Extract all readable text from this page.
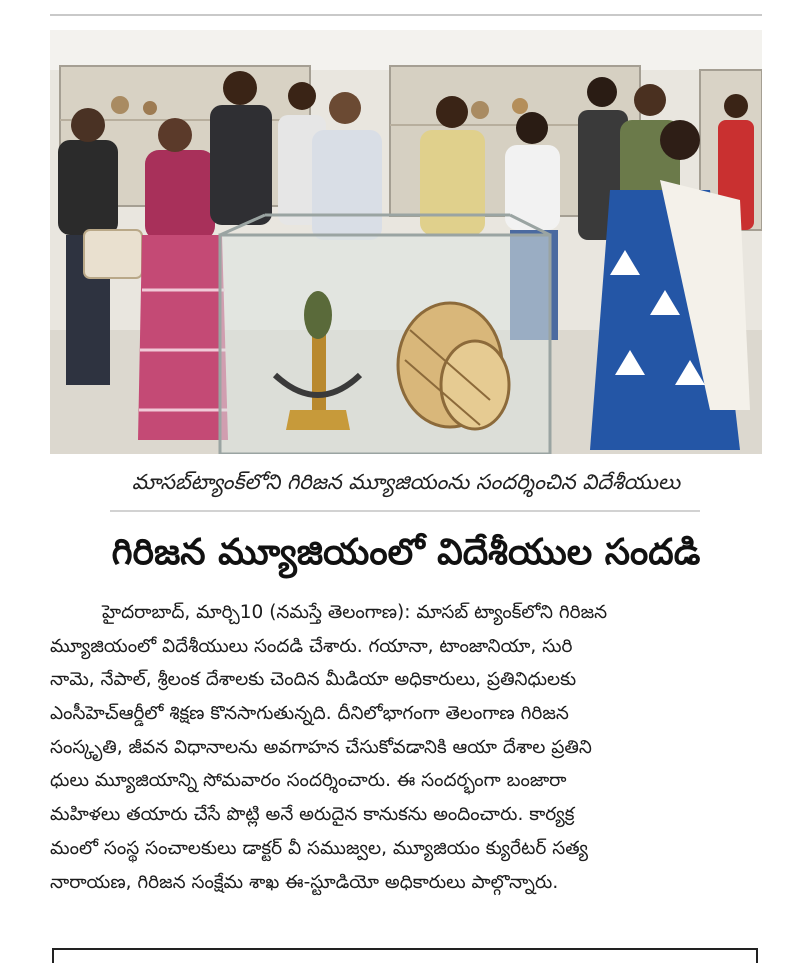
మాసబ్‌ట్యాంక్‌లోని గిరిజన మ్యూజియంను సందర్శించిన విదేశీయులు
గిరిజన మ్యూజియంలో విదేశీయుల సందడి
హైదరాబాద్, మార్చి10 (నమస్తే తెలంగాణ): మాసబ్ ట్యాంక్‌లోని గిరిజన
మ్యూజియంలో విదేశీయులు సందడి చేశారు. గయానా, టాంజానియా, సురి
నామె, నేపాల్, శ్రీలంక దేశాలకు చెందిన మీడియా అధికారులు, ప్రతినిధులకు
ఎంసీహెచ్‌ఆర్డీలో శిక్షణ కొనసాగుతున్నది. దీనిలోభాగంగా తెలంగాణ గిరిజన
సంస్కృతి, జీవన విధానాలను అవగాహన చేసుకోవడానికి ఆయా దేశాల ప్రతిని
ధులు మ్యూజియాన్ని సోమవారం సందర్శించారు. ఈ సందర్భంగా బంజారా
మహిళలు తయారు చేసే పొట్లి అనే అరుదైన కానుకను అందించారు. కార్యక్ర
మంలో సంస్థ సంచాలకులు డాక్టర్ వీ సముజ్వల, మ్యూజియం క్యురేటర్ సత్య
నారాయణ, గిరిజన సంక్షేమ శాఖ ఈ-స్టూడియో అధికారులు పాల్గొన్నారు.
